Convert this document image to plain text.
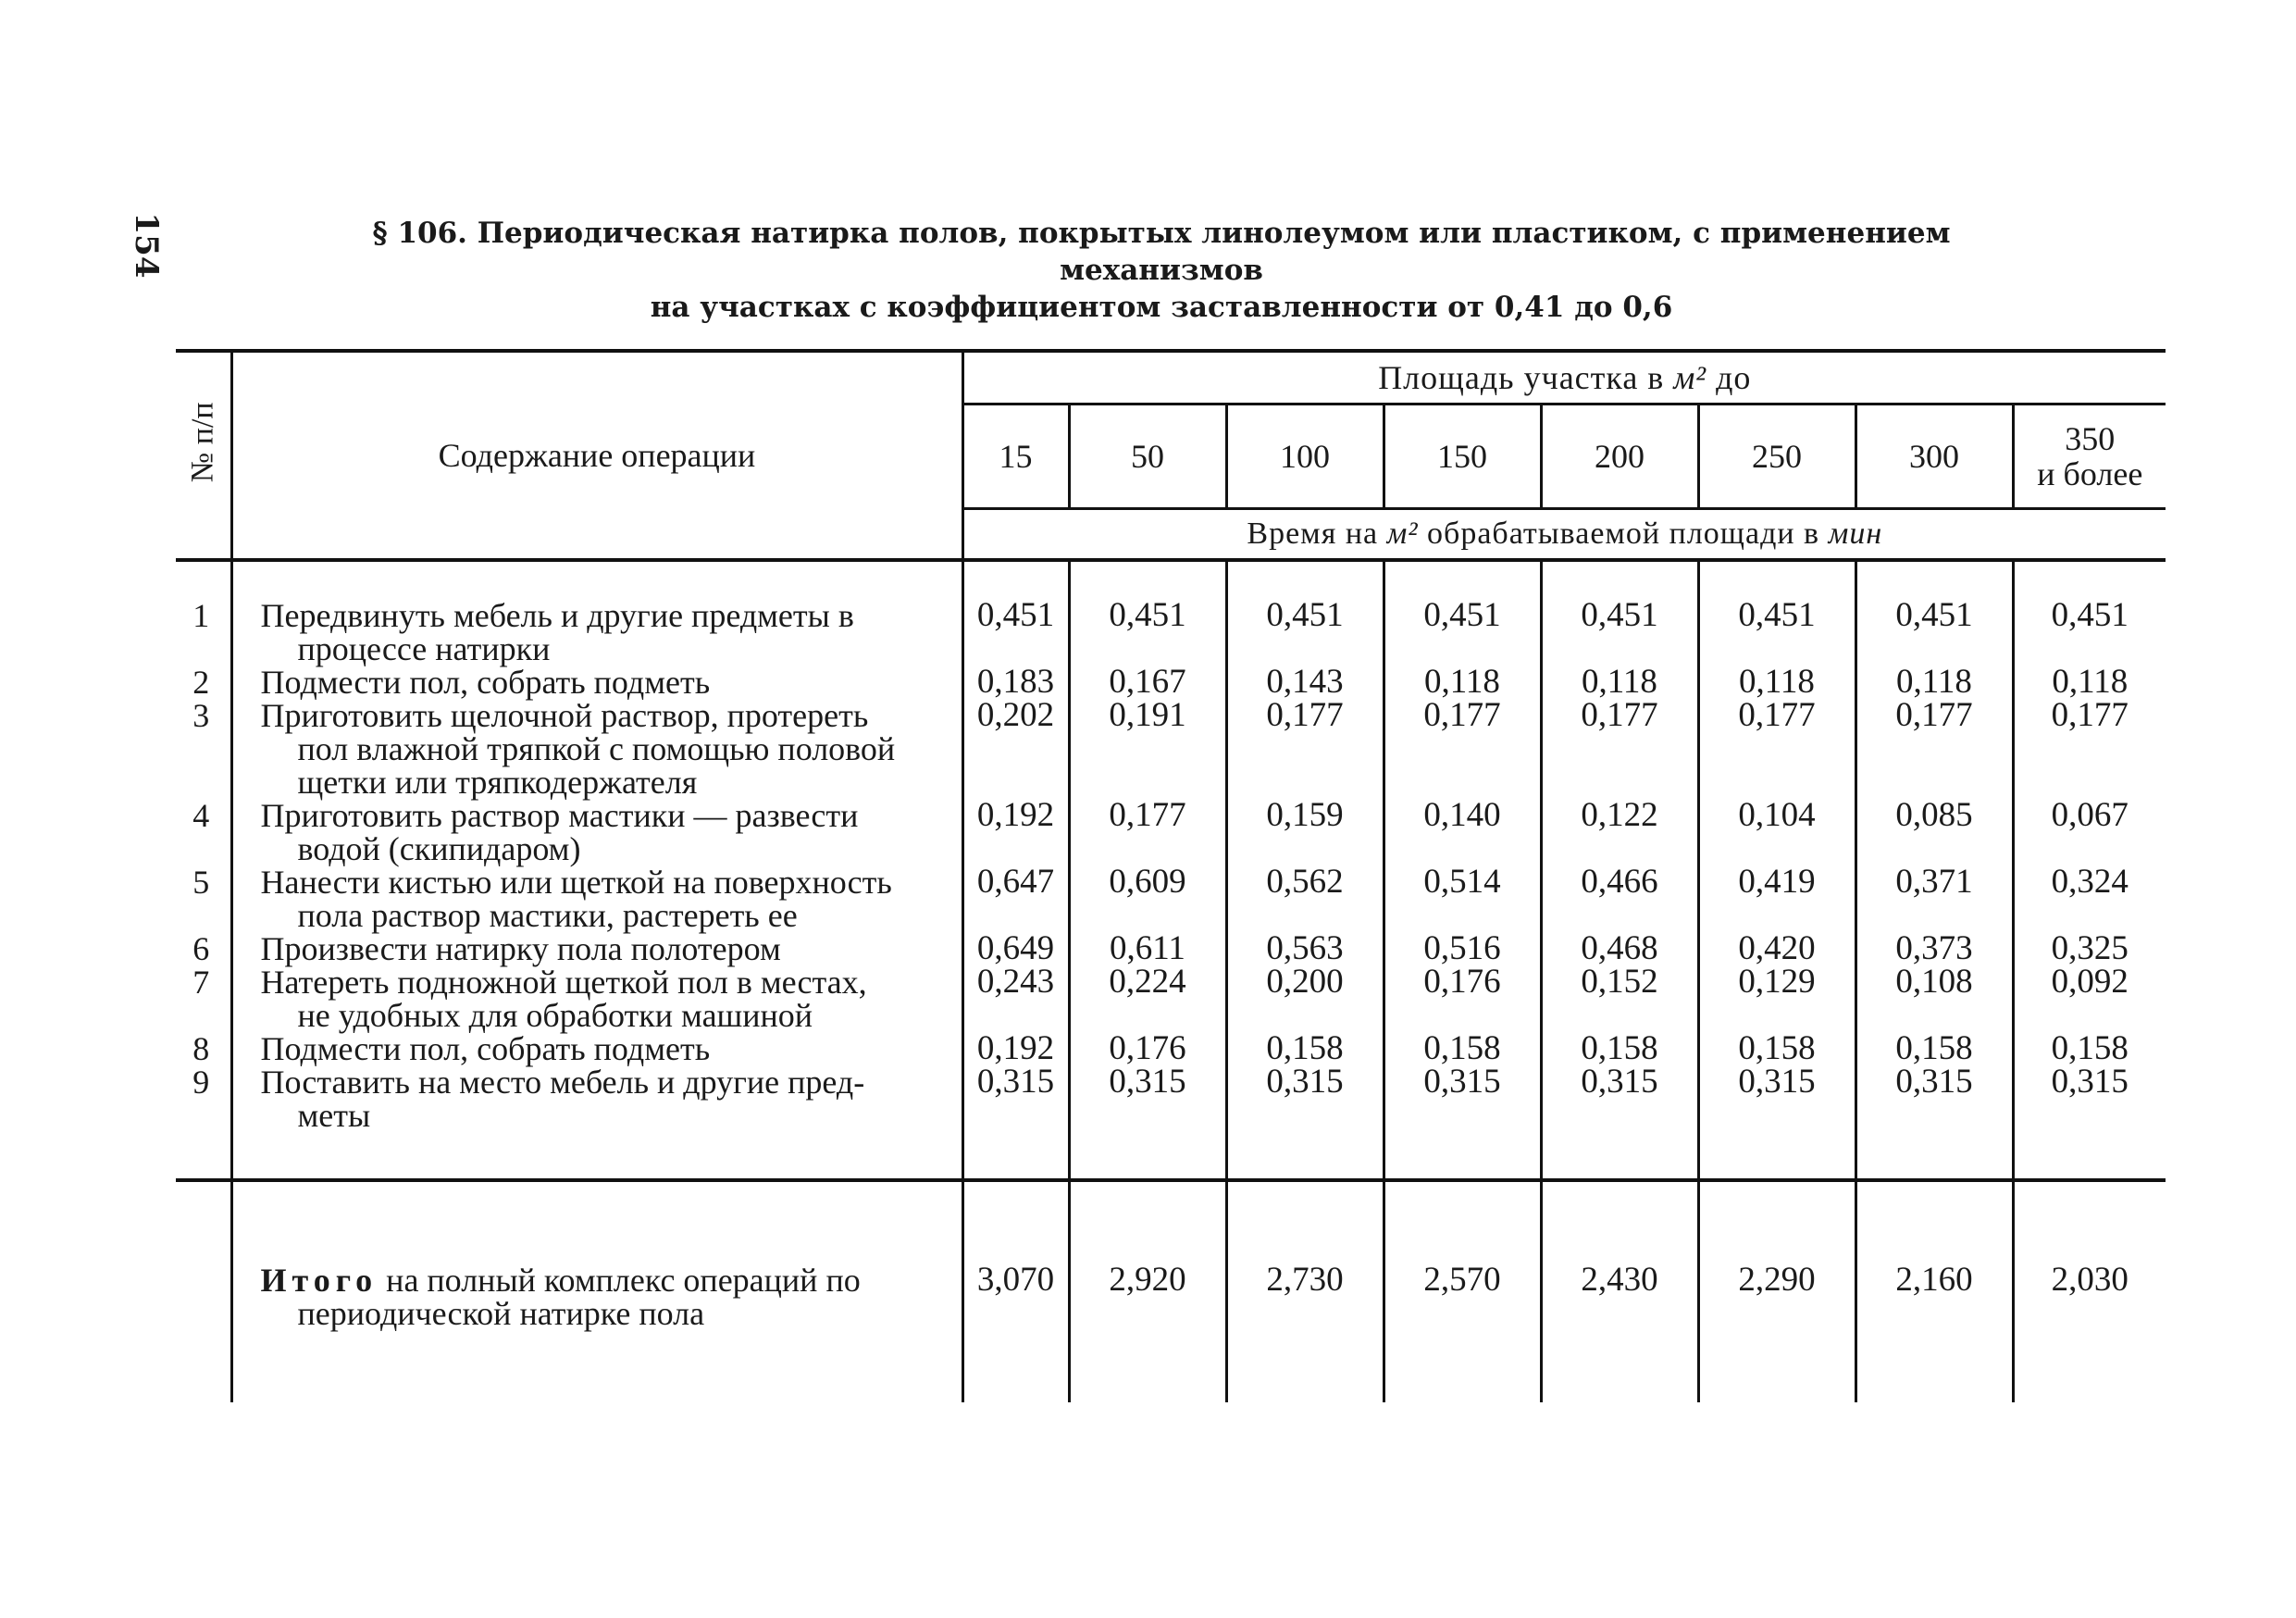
154	§ 106. Периодическая натирка полов, покрытых линолеумом или пластиком, с применением механизмов
на участках с коэффициентом заставленности от 0,41 до 0,6
№ п/п	Содержание операции	Площадь участка в м² до							
		15	50	100	150	200	250	300	350
и более
		Время на м² обрабатываемой площади в мин							
1	Передвинуть мебель и другие предметы в
процессе натирки	0,451	0,451	0,451	0,451	0,451	0,451	0,451	0,451
2	Подмести пол, собрать подметь	0,183	0,167	0,143	0,118	0,118	0,118	0,118	0,118
3	Приготовить щелочной раствор, протереть
пол влажной тряпкой с помощью половой
щетки или тряпкодержателя	0,202	0,191	0,177	0,177	0,177	0,177	0,177	0,177
4	Приготовить раствор мастики — развести
водой (скипидаром)	0,192	0,177	0,159	0,140	0,122	0,104	0,085	0,067
5	Нанести кистью или щеткой на поверхность
пола раствор мастики, растереть ее	0,647	0,609	0,562	0,514	0,466	0,419	0,371	0,324
6	Произвести натирку пола полотером	0,649	0,611	0,563	0,516	0,468	0,420	0,373	0,325
7	Натереть подножной щеткой пол в местах,
не удобных для обработки машиной	0,243	0,224	0,200	0,176	0,152	0,129	0,108	0,092
8	Подмести пол, собрать подметь	0,192	0,176	0,158	0,158	0,158	0,158	0,158	0,158
9	Поставить на место мебель и другие пред-
меты	0,315	0,315	0,315	0,315	0,315	0,315	0,315	0,315

	Итого на полный комплекс операций по
периодической натирке пола	3,070	2,920	2,730	2,570	2,430	2,290	2,160	2,030
